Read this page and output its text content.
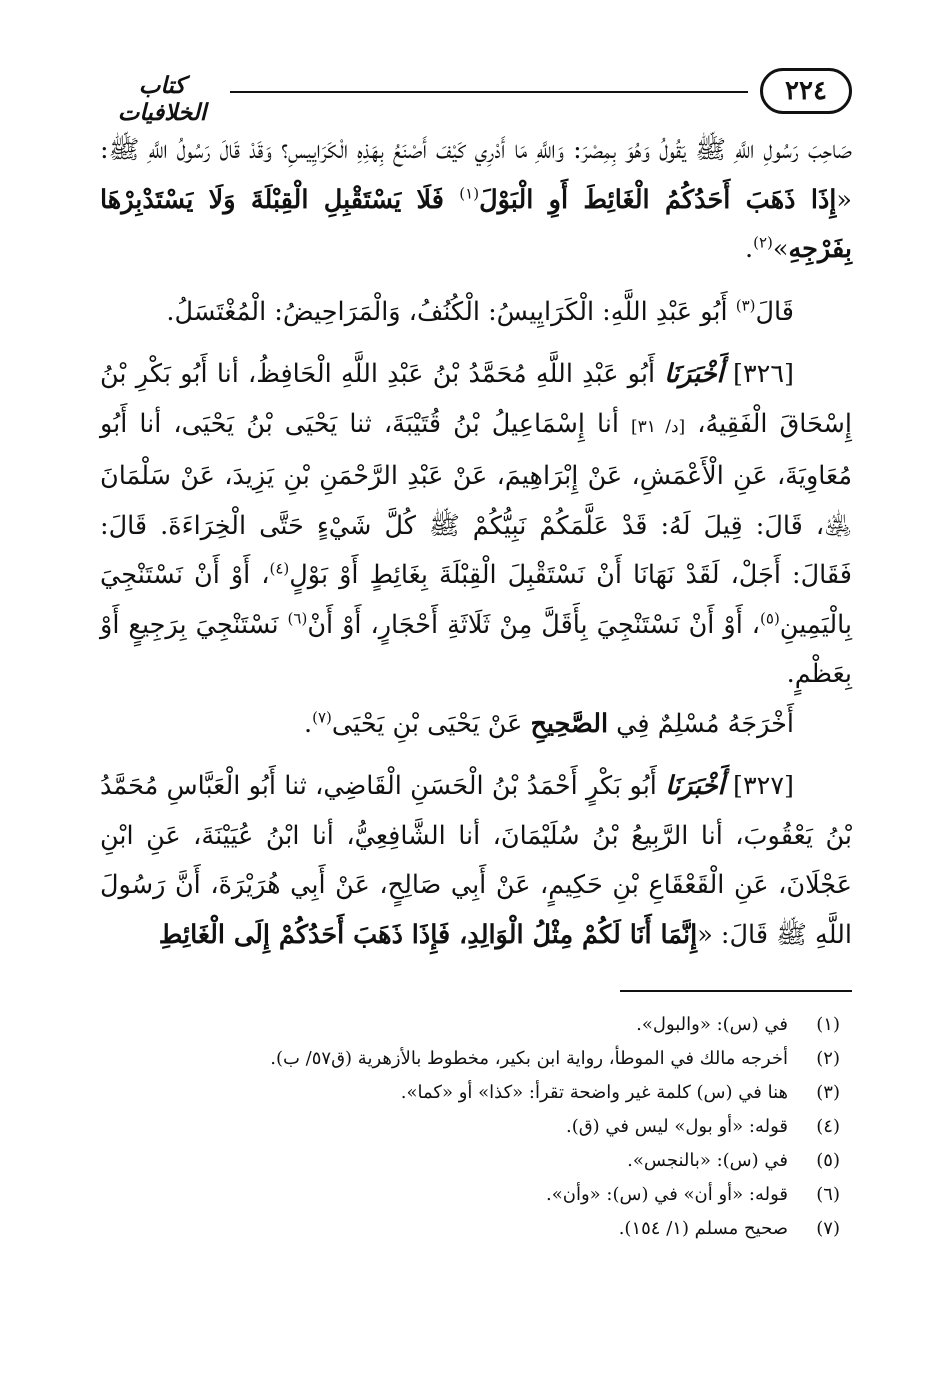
٢٢٤
كتاب الخلافيات

صَاحِبَ رَسُولِ اللَّهِ ﷺ يَقُولُ وَهُوَ بِمِصْرَ: وَاللَّهِ مَا أَدْرِي كَيْفَ أَصْنَعُ بِهَذِهِ الْكَرَايِيسِ؟ وَقَدْ قَالَ رَسُولُ اللَّهِ ﷺ: «إِذَا ذَهَبَ أَحَدُكُمُ الْغَائِطَ أَوِ الْبَوْلَ$^{(١)}$ فَلَا يَسْتَقْبِلِ الْقِبْلَةَ وَلَا يَسْتَدْبِرْهَا بِفَرْجِهِ»$^{(٢)}$.

قَالَ$^{(٣)}$ أَبُو عَبْدِ اللَّهِ: الْكَرَايِيسُ: الْكُنُفُ، وَالْمَرَاحِيضُ: الْمُغْتَسَلُ.

[٣٢٦] أَخْبَرَنَا أَبُو عَبْدِ اللَّهِ مُحَمَّدُ بْنُ عَبْدِ اللَّهِ الْحَافِظُ، أنا أَبُو بَكْرِ بْنُ إِسْحَاقَ الْفَقِيهُ، [د/ ٣١] أنا إِسْمَاعِيلُ بْنُ قُتَيْبَةَ، ثنا يَحْيَى بْنُ يَحْيَى، أنا أَبُو مُعَاوِيَةَ، عَنِ الْأَعْمَشِ، عَنْ إِبْرَاهِيمَ، عَنْ عَبْدِ الرَّحْمَنِ بْنِ يَزِيدَ، عَنْ سَلْمَانَ ﵁، قَالَ: قِيلَ لَهُ: قَدْ عَلَّمَكُمْ نَبِيُّكُمْ ﷺ كُلَّ شَيْءٍ حَتَّى الْخِرَاءَةَ. قَالَ: فَقَالَ: أَجَلْ، لَقَدْ نَهَانَا أَنْ نَسْتَقْبِلَ الْقِبْلَةَ بِغَائِطٍ أَوْ بَوْلٍ$^{(٤)}$، أَوْ أَنْ نَسْتَنْجِيَ بِالْيَمِينِ$^{(٥)}$، أَوْ أَنْ نَسْتَنْجِيَ بِأَقَلَّ مِنْ ثَلَاثَةِ أَحْجَارٍ، أَوْ أَنْ$^{(٦)}$ نَسْتَنْجِيَ بِرَجِيعٍ أَوْ بِعَظْمٍ.

أَخْرَجَهُ مُسْلِمٌ فِي الصَّحِيحِ عَنْ يَحْيَى بْنِ يَحْيَى$^{(٧)}$.

[٣٢٧] أَخْبَرَنَا أَبُو بَكْرٍ أَحْمَدُ بْنُ الْحَسَنِ الْقَاضِي، ثنا أَبُو الْعَبَّاسِ مُحَمَّدُ بْنُ يَعْقُوبَ، أنا الرَّبِيعُ بْنُ سُلَيْمَانَ، أنا الشَّافِعِيُّ، أنا ابْنُ عُيَيْنَةَ، عَنِ ابْنِ عَجْلَانَ، عَنِ الْقَعْقَاعِ بْنِ حَكِيمٍ، عَنْ أَبِي صَالِحٍ، عَنْ أَبِي هُرَيْرَةَ، أَنَّ رَسُولَ اللَّهِ ﷺ قَالَ: «إِنَّمَا أَنَا لَكُمْ مِثْلُ الْوَالِدِ، فَإِذَا ذَهَبَ أَحَدُكُمْ إِلَى الْغَائِطِ

(١)
في (س): «والبول».
(٢)
أخرجه مالك في الموطأ، رواية ابن بكير، مخطوط بالأزهرية (ق٥٧/ ب).
(٣)
هنا في (س) كلمة غير واضحة تقرأ: «كذا» أو «كما».
(٤)
قوله: «أو بول» ليس في (ق).
(٥)
في (س): «بالنجس».
(٦)
قوله: «أو أن» في (س): «وأن».
(٧)
صحيح مسلم (١/ ١٥٤).
